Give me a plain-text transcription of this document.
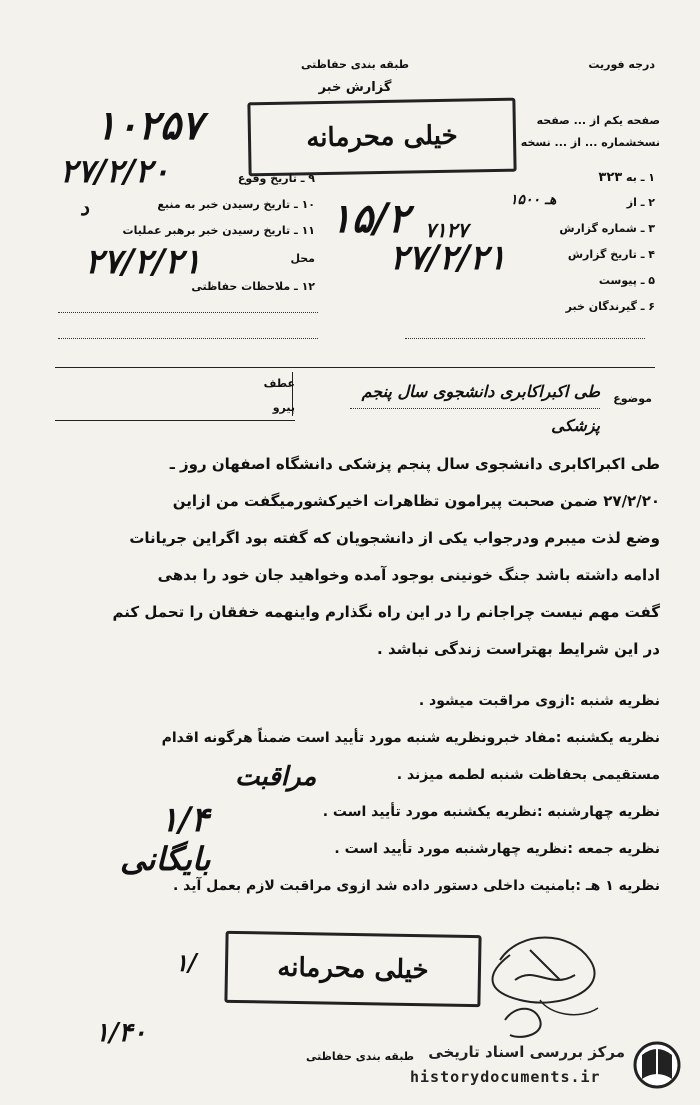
درجه فوریت
طبقه بندی حفاظتی
گزارش خبر
صفحه یکم از ... صفحه
نسخشماره ... از ... نسخه
خیلی محرمانه
۱۰۲۵۷
۹ ـ تاریخ وقوع
۲۷/۲/۲۰
۱۰ ـ تاریخ رسیدن خبر به منبع
د
۱۱ ـ تاریخ رسیدن خبر برهبر عملیات
محل
۲۷/۲/۲۱
۱۲ ـ ملاحظات حفاظتی
۱ ـ به ۳۲۳
۲ ـ از
۱۵۰۰ هـ
۳ ـ شماره گزارش
۷۱۲۷
۴ ـ تاریخ گزارش
۲۷/۲/۲۱
۵ ـ پیوست
۶ ـ گیرندگان خبر
۱۵/۲
موضوع
طی اکبراکابری دانشجوی سال پنجم
پزشکی
عطف
پیرو
طی اکبراکابری دانشجوی سال پنجم پزشکی دانشگاه اصفهان روز ـ
۲۷/۲/۲۰ ضمن صحبت پیرامون تظاهرات اخیرکشورمیگفت من ازاین
وضع لذت میبرم ودرجواب یکی از دانشجویان که گفته بود اگراین جریانات
ادامه داشته باشد جنگ خونینی بوجود آمده وخواهید جان خود را بدهی
گفت مهم نیست چراجانم را در این راه نگذارم واینهمه خفقان را تحمل کنم
در این شرایط بهتراست زندگی نباشد .
نظریه شنبه :ازوی مراقبت میشود .
نظریه یکشنبه :مفاد خبرونظریه شنبه مورد تأیید است ضمناً هرگونه اقدام
مستقیمی بحفاظت شنبه لطمه میزند .
نظریه چهارشنبه :نظریه یکشنبه مورد تأیید است .
نظریه جمعه :نظریه چهارشنبه مورد تأیید است .
نظریه ۱ هـ :بامنیت داخلی دستور داده شد ازوی مراقبت لازم بعمل آید .
مراقبت
۱/۴
بایگانی
خیلی محرمانه
۱/
۱/۴۰
طبقه بندی حفاظتی مرکز بررسی اسناد تاریخی
historydocuments.ir
